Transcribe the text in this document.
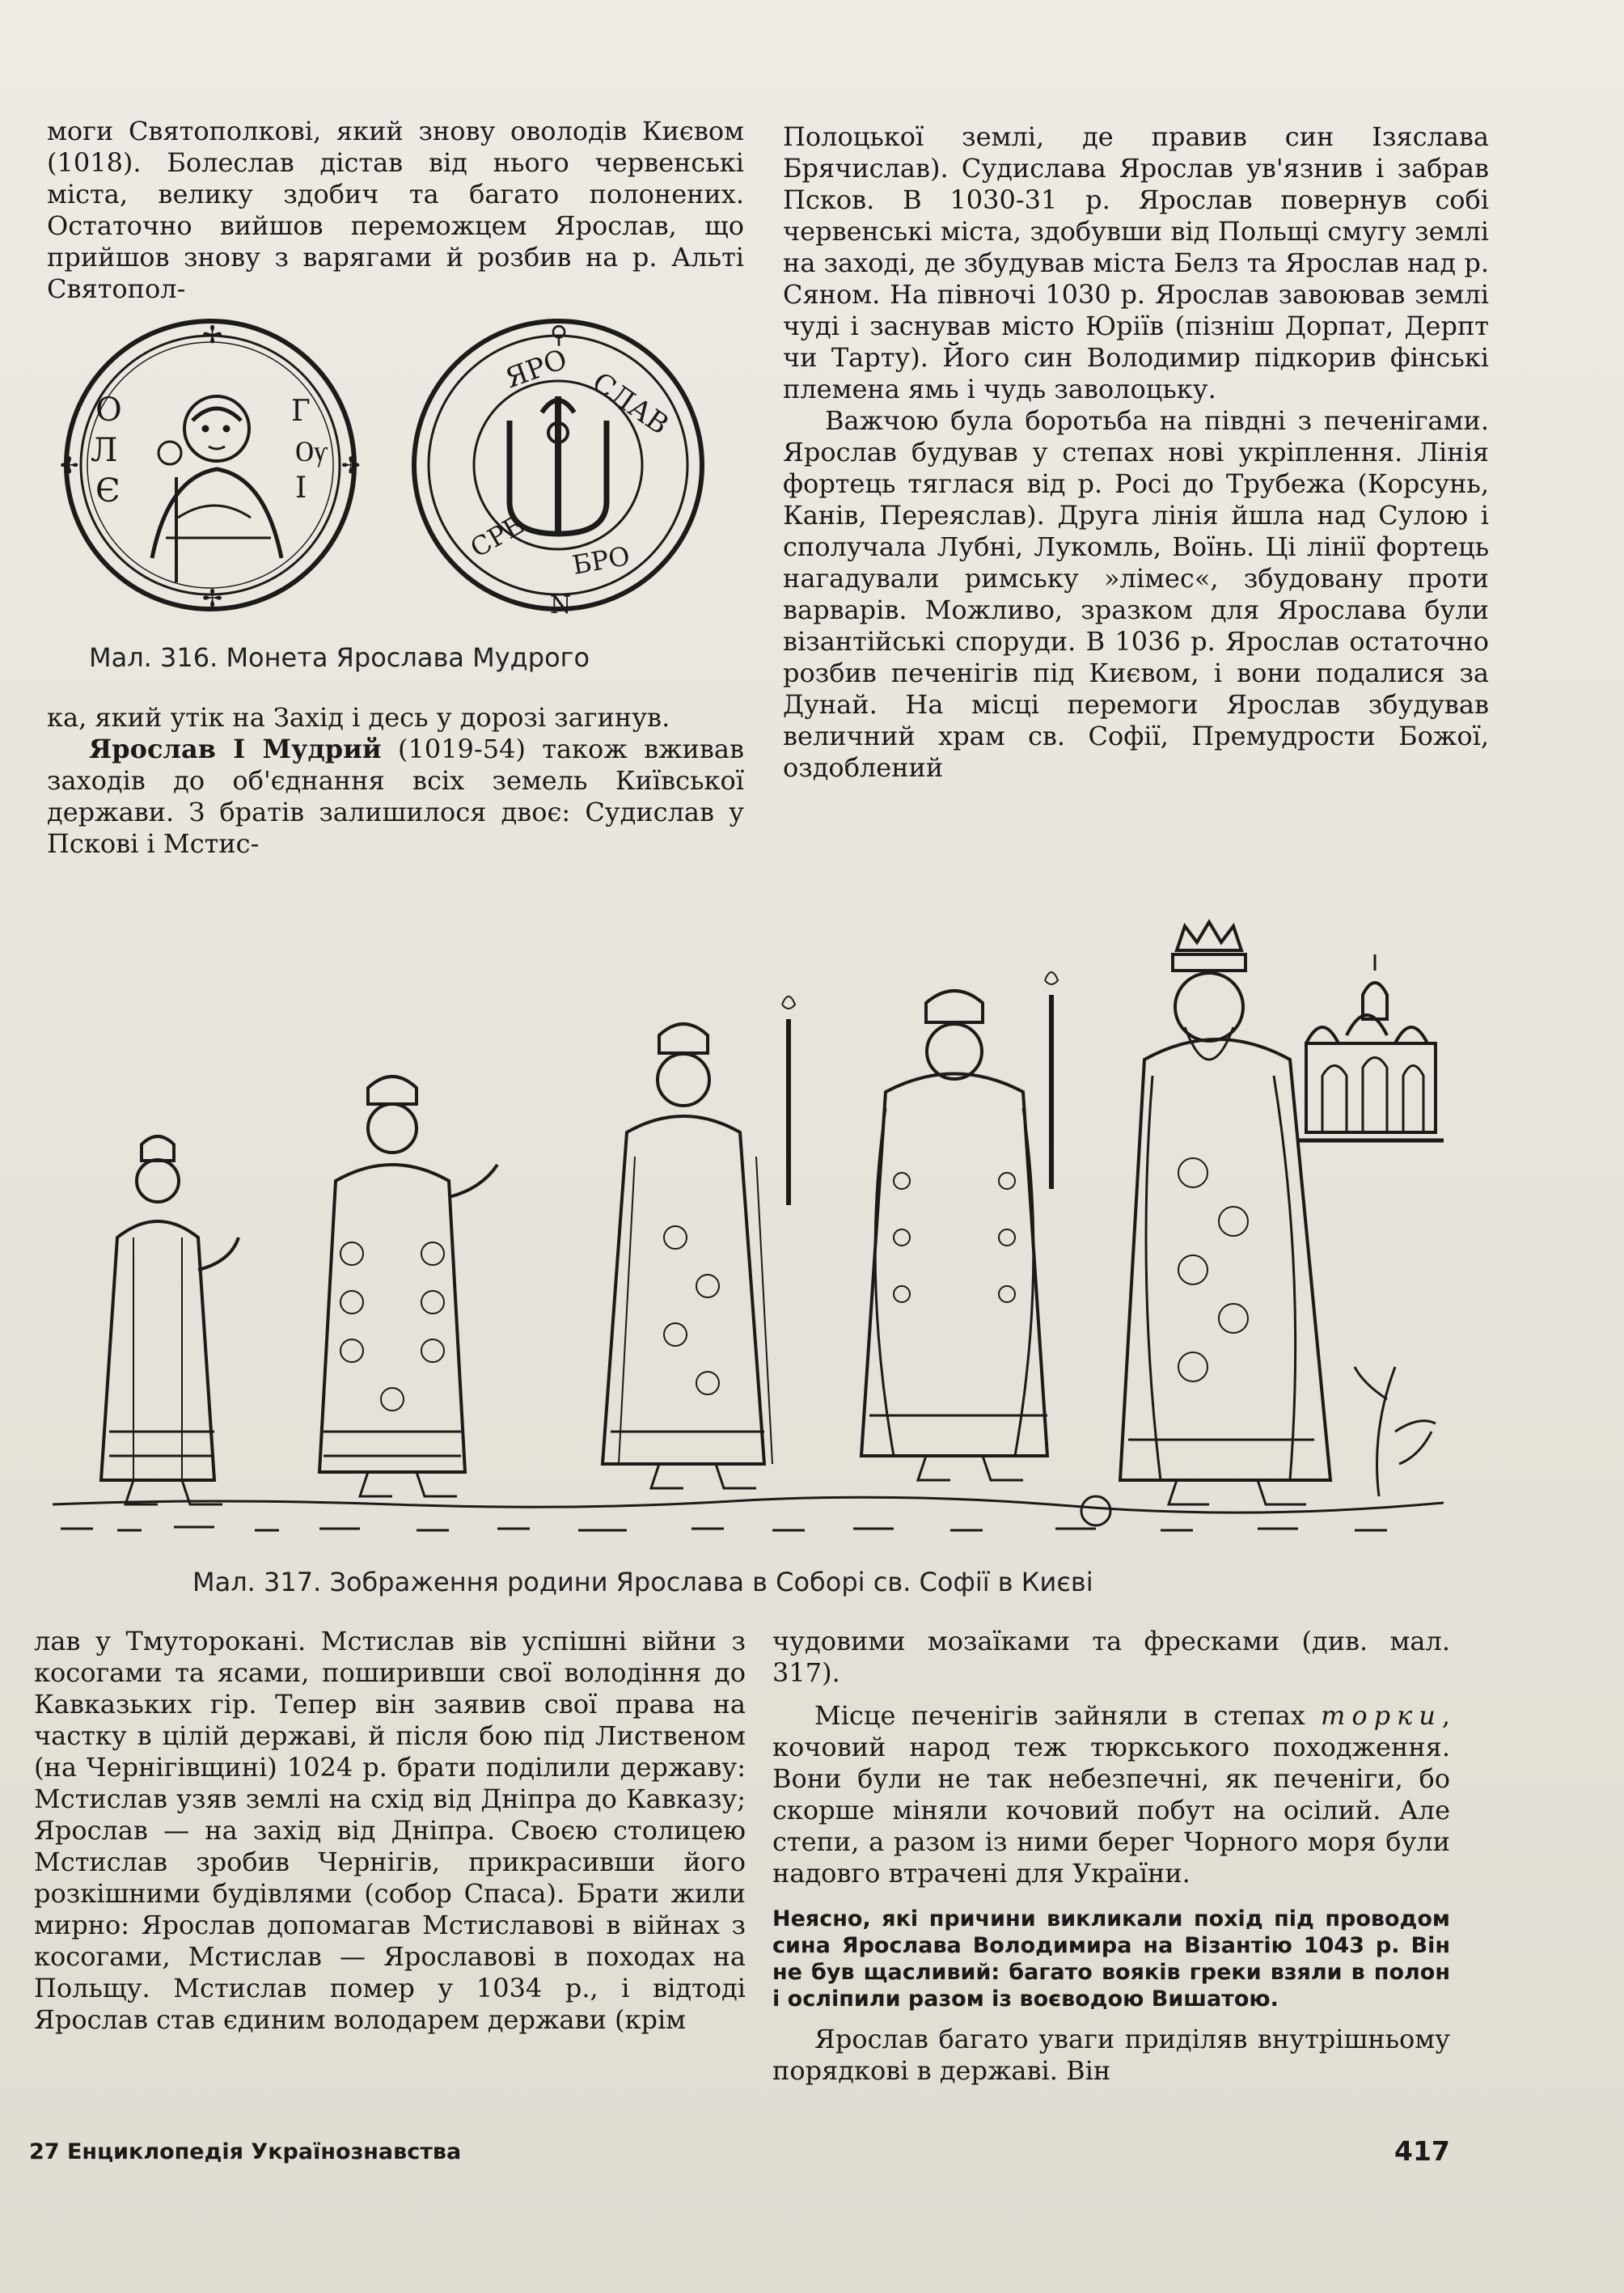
моги Святополкові, який знову оволодів Києвом (1018). Болеслав дістав від нього червенські міста, велику здобич та багато полонених. Остаточно вийшов переможцем Ярослав, що прийшов знову з варягами й розбив на р. Альті Святопол-

О
Л
Є
Г
Ѹ
Ι
✢
✢
✢	✢
ЯРО СЛАВ
СРЕ БРО
⚲
Ν
Мал. 316. Монета Ярослава Мудрого

ка, який утік на Захід і десь у дорозі загинув.

Ярослав І Мудрий (1019-54) також вживав заходів до об'єднання всіх земель Київської держави. З братів залишилося двоє: Судислав у Пскові і Мстис-

Полоцької землі, де правив син Ізяслава Брячислав). Судислава Ярослав ув'язнив і забрав Псков. В 1030-31 р. Ярослав повернув собі червенські міста, здобувши від Польщі смугу землі на заході, де збудував міста Белз та Ярослав над р. Сяном. На півночі 1030 р. Ярослав завоював землі чуді і заснував місто Юріїв (пізніш Дорпат, Дерпт чи Тарту). Його син Володимир підкорив фінські племена ямь і чудь заволоцьку.

Важчою була боротьба на півдні з печенігами. Ярослав будував у степах нові укріплення. Лінія фортець тяглася від р. Росі до Трубежа (Корсунь, Канів, Переяслав). Друга лінія йшла над Сулою і сполучала Лубні, Лукомль, Воїнь. Ці лінії фортець нагадували римську »лімес«, збудовану проти варварів. Можливо, зразком для Ярослава були візантійські споруди. В 1036 р. Ярослав остаточно розбив печенігів під Києвом, і вони подалися за Дунай. На місці перемоги Ярослав збудував величний храм св. Софії, Премудрости Божої, оздоблений

Мал. 317. Зображення родини Ярослава в Соборі св. Софії в Києві

лав у Тмуторокані. Мстислав вів успішні війни з косогами та ясами, поширивши свої володіння до Кавказьких гір. Тепер він заявив свої права на частку в цілій державі, й після бою під Лиственом (на Чернігівщині) 1024 р. брати поділили державу: Мстислав узяв землі на схід від Дніпра до Кавказу; Ярослав — на захід від Дніпра. Своєю столицею Мстислав зробив Чернігів, прикрасивши його розкішними будівлями (собор Спаса). Брати жили мирно: Ярослав допомагав Мстиславові в війнах з косогами, Мстислав — Ярославові в походах на Польщу. Мстислав помер у 1034 р., і відтоді Ярослав став єдиним володарем держави (крім

чудовими мозаїками та фресками (див. мал. 317).

Місце печенігів зайняли в степах торки, кочовий народ теж тюркського походження. Вони були не так небезпечні, як печеніги, бо скорше міняли кочовий побут на осілий. Але степи, а разом із ними берег Чорного моря були надовго втрачені для України.

Неясно, які причини викликали похід під проводом сина Ярослава Володимира на Візантію 1043 р. Він не був щасливий: багато вояків греки взяли в полон і осліпили разом із воєводою Вишатою.

Ярослав багато уваги приділяв внутрішньому порядкові в державі. Він

27 Енциклопедія Українознавства	417
